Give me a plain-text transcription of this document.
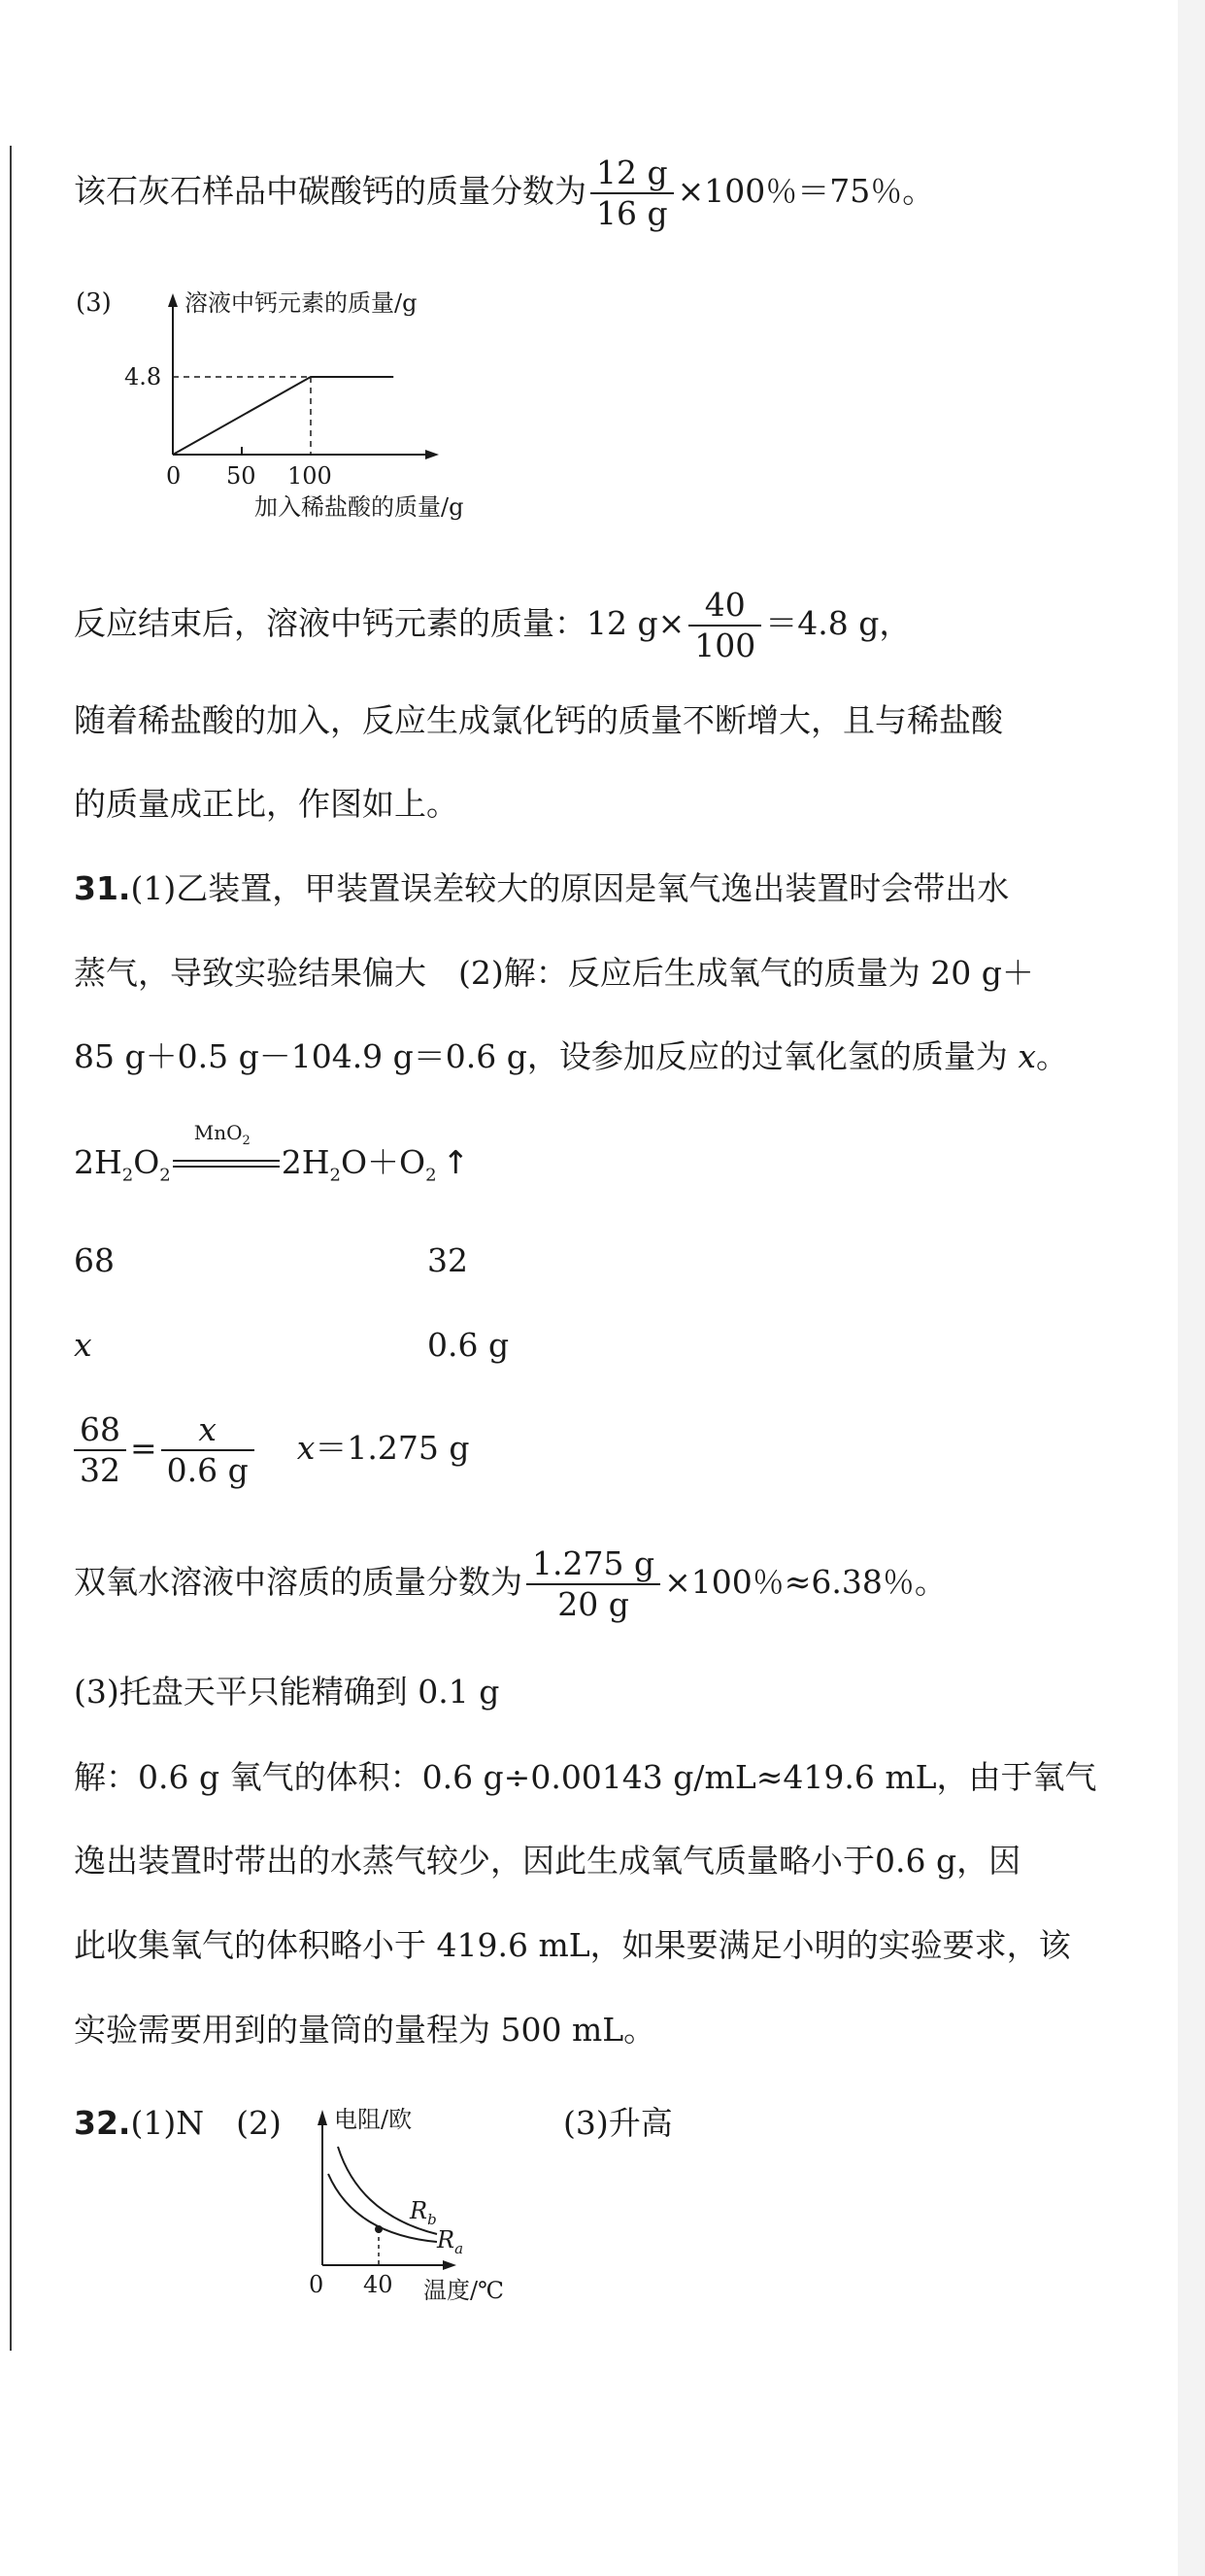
该石灰石样品中碳酸钙的质量分数为 $\frac{12 g}{16 g} \times 100$％＝75％。
(3)	溶液中钙元素的质量/g
4.8
0 50 100
加入稀盐酸的质量/g
反应结束后，溶液中钙元素的质量：12 $g\times \frac{40}{100} =4.8$ g，
随着稀盐酸的加入，反应生成氯化钙的质量不断增大，且与稀盐酸
的质量成正比，作图如上。
31.(1)乙装置，甲装置误差较大的原因是氧气逸出装置时会带出水
蒸气，导致实验结果偏大　(2)解：反应后生成氧气的质量为 20 g＋
85 g＋0.5 g－104.9 g＝0.6 g，设参加反应的过氧化氢的质量为 x。
$2H_2O_2$
MnO$_2$
$2H_2O+O_2$ ↑
68	32
x	0.6 g
$\frac{68}{32} = \frac{x}{0.6 g} x=1.275$ g
双氧水溶液中溶质的质量分数为 $\frac{1.275 g}{20 g} \times 100$％≈6.38％。
(3)托盘天平只能精确到 0.1 g
解：0.6 g 氧气的体积：0.6 g÷0.00143 g/mL≈419.6 mL，由于氧气
逸出装置时带出的水蒸气较少，因此生成氧气质量略小于0.6 g，因
此收集氧气的体积略小于 419.6 mL，如果要满足小明的实验要求，该
实验需要用到的量筒的量程为 500 mL。
32.(1)N　(2)	(3)升高
电阻/欧
$R_b$
$R_a$
0 40 温度/℃
